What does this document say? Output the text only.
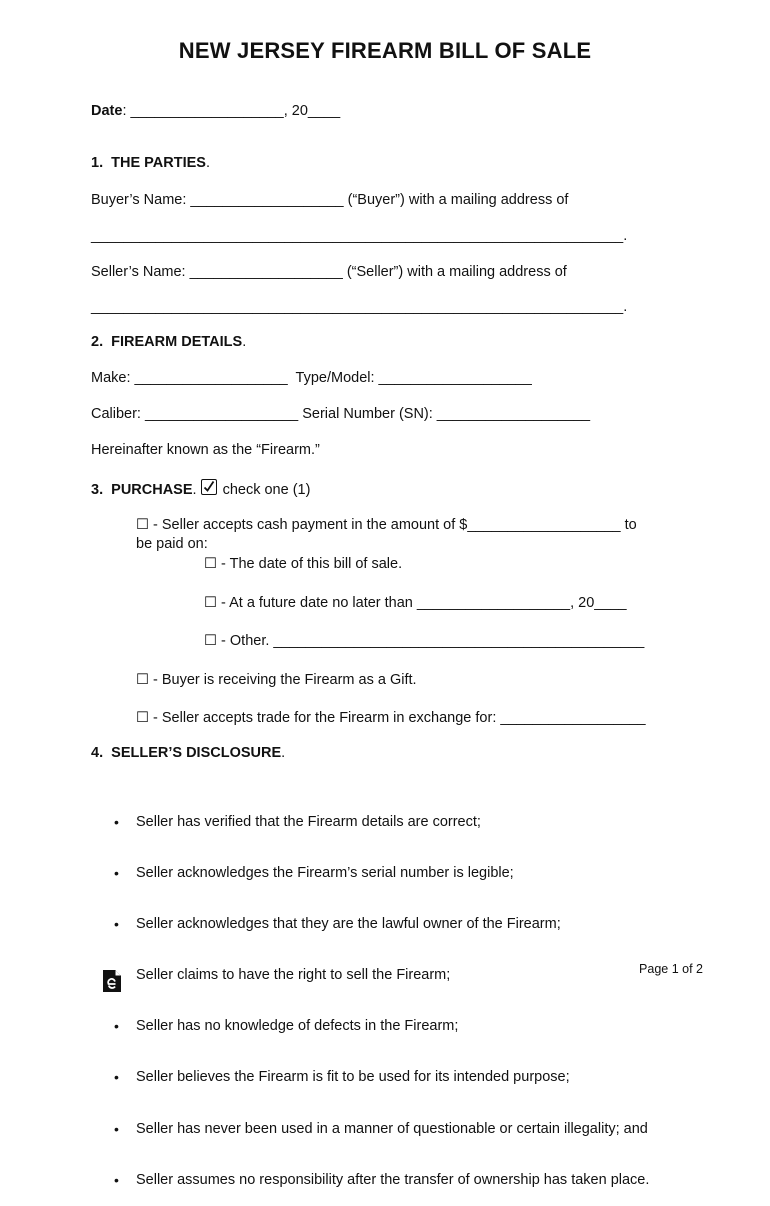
NEW JERSEY FIREARM BILL OF SALE
Date: ___________________, 20____
1.  THE PARTIES.
Buyer’s Name: ___________________ (“Buyer”) with a mailing address of
__________________________________________________________________.
Seller’s Name: ___________________ (“Seller”) with a mailing address of
__________________________________________________________________.
2.  FIREARM DETAILS.
Make: ___________________  Type/Model: ___________________
Caliber: ___________________ Serial Number (SN): ___________________
Hereinafter known as the “Firearm.”
3.  PURCHASE. check one (1)
☐ - Seller accepts cash payment in the amount of $___________________ to
be paid on:
☐ - The date of this bill of sale.
☐ - At a future date no later than ___________________, 20____
☐ - Other. ______________________________________________
☐ - Buyer is receiving the Firearm as a Gift.
☐ - Seller accepts trade for the Firearm in exchange for: __________________
4.  SELLER’S DISCLOSURE.

• Seller has verified that the Firearm details are correct;

• Seller acknowledges the Firearm’s serial number is legible;

• Seller acknowledges that they are the lawful owner of the Firearm;

• Seller claims to have the right to sell the Firearm;

• Seller has no knowledge of defects in the Firearm;

• Seller believes the Firearm is fit to be used for its intended purpose;

• Seller has never been used in a manner of questionable or certain illegality; and

• Seller assumes no responsibility after the transfer of ownership has taken place.

Page 1 of 2
